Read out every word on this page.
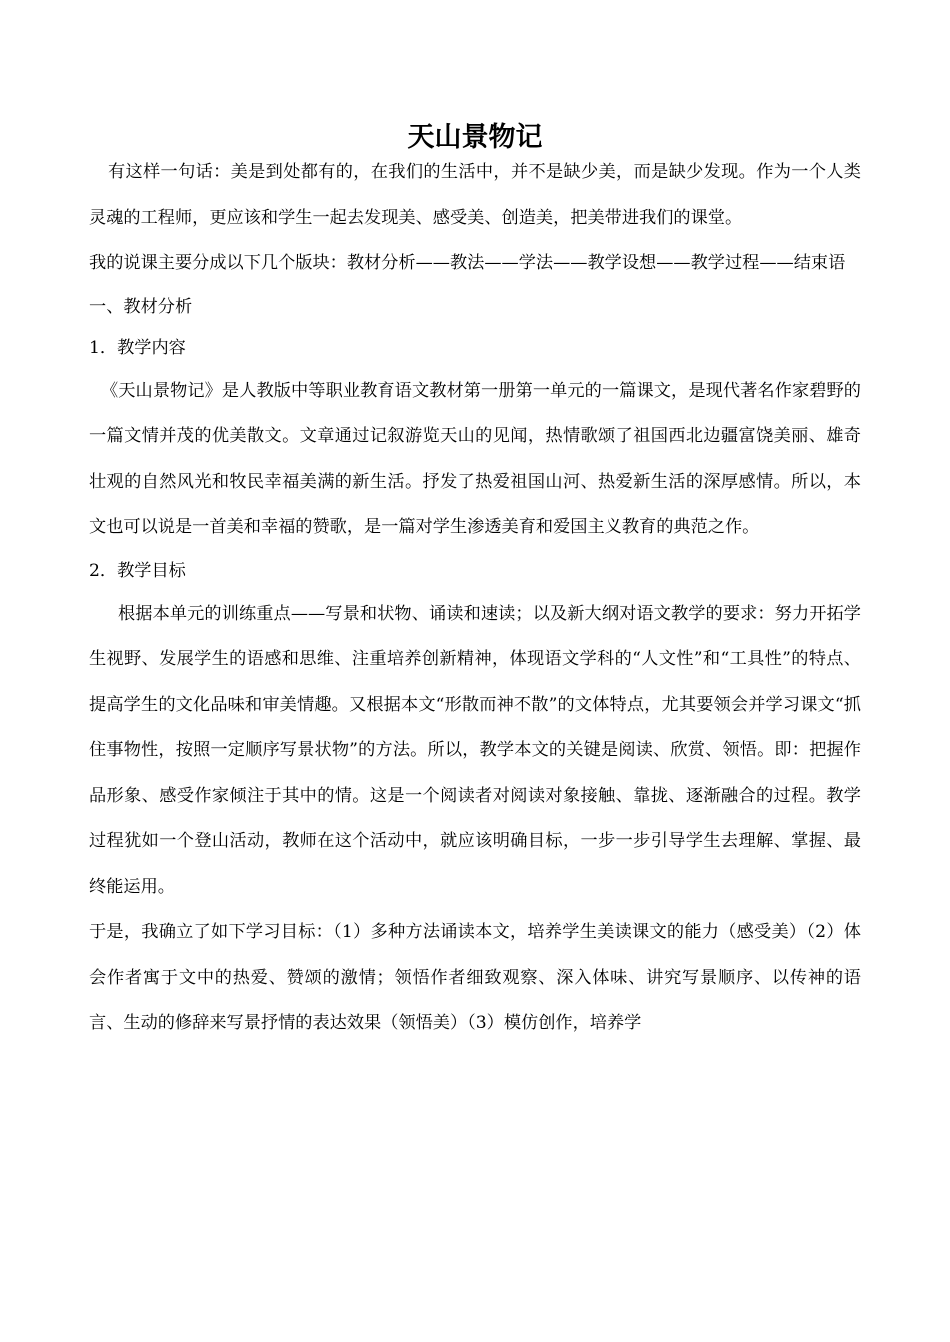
天山景物记

有这样一句话：美是到处都有的，在我们的生活中，并不是缺少美，而是缺少发现。作为一个人类灵魂的工程师，更应该和学生一起去发现美、感受美、创造美，把美带进我们的课堂。

我的说课主要分成以下几个版块：教材分析——教法——学法——教学设想——教学过程——结束语

一、教材分析

1．教学内容

《天山景物记》是人教版中等职业教育语文教材第一册第一单元的一篇课文，是现代著名作家碧野的一篇文情并茂的优美散文。文章通过记叙游览天山的见闻，热情歌颂了祖国西北边疆富饶美丽、雄奇壮观的自然风光和牧民幸福美满的新生活。抒发了热爱祖国山河、热爱新生活的深厚感情。所以，本文也可以说是一首美和幸福的赞歌，是一篇对学生渗透美育和爱国主义教育的典范之作。

2．教学目标

根据本单元的训练重点——写景和状物、诵读和速读；以及新大纲对语文教学的要求：努力开拓学生视野、发展学生的语感和思维、注重培养创新精神，体现语文学科的“人文性”和“工具性”的特点、提高学生的文化品味和审美情趣。又根据本文“形散而神不散”的文体特点，尤其要领会并学习课文“抓住事物性，按照一定顺序写景状物”的方法。所以，教学本文的关键是阅读、欣赏、领悟。即：把握作品形象、感受作家倾注于其中的情。这是一个阅读者对阅读对象接触、靠拢、逐渐融合的过程。教学过程犹如一个登山活动，教师在这个活动中，就应该明确目标，一步一步引导学生去理解、掌握、最终能运用。

于是，我确立了如下学习目标：（1）多种方法诵读本文，培养学生美读课文的能力（感受美）（2）体会作者寓于文中的热爱、赞颂的激情；领悟作者细致观察、深入体味、讲究写景顺序、以传神的语言、生动的修辞来写景抒情的表达效果（领悟美）（3）模仿创作，培养学
